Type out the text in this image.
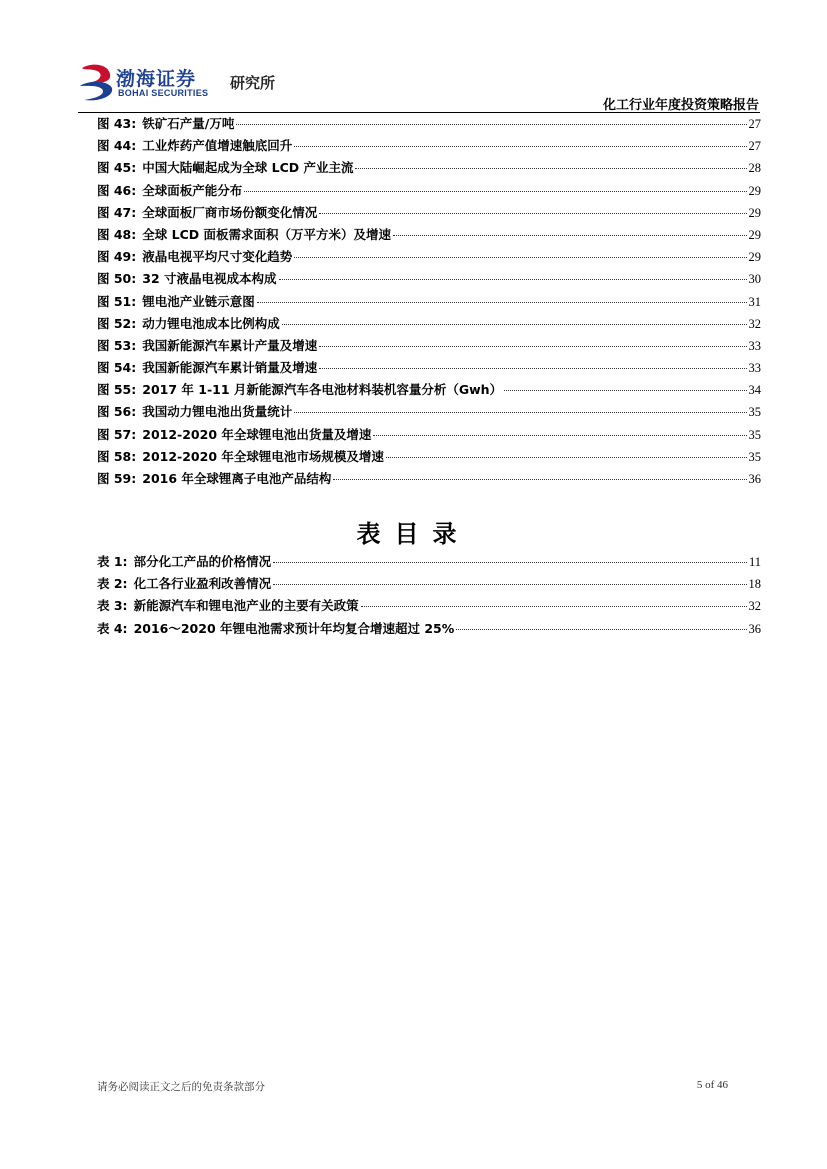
渤海证券
BOHAI SECURITIES
研究所
化工行业年度投资策略报告
图 43: 铁矿石产量/万吨	27
图 44: 工业炸药产值增速触底回升	27
图 45: 中国大陆崛起成为全球 LCD 产业主流	28
图 46: 全球面板产能分布	29
图 47: 全球面板厂商市场份额变化情况	29
图 48: 全球 LCD 面板需求面积（万平方米）及增速	29
图 49: 液晶电视平均尺寸变化趋势	29
图 50: 32 寸液晶电视成本构成	30
图 51: 锂电池产业链示意图	31
图 52: 动力锂电池成本比例构成	32
图 53: 我国新能源汽车累计产量及增速	33
图 54: 我国新能源汽车累计销量及增速	33
图 55: 2017 年 1-11 月新能源汽车各电池材料装机容量分析（Gwh）	34
图 56: 我国动力锂电池出货量统计	35
图 57: 2012-2020 年全球锂电池出货量及增速	35
图 58: 2012-2020 年全球锂电池市场规模及增速	35
图 59: 2016 年全球锂离子电池产品结构	36
表目录
表 1: 部分化工产品的价格情况	11
表 2: 化工各行业盈利改善情况	18
表 3: 新能源汽车和锂电池产业的主要有关政策	32
表 4: 2016～2020 年锂电池需求预计年均复合增速超过 25%	36
请务必阅读正文之后的免责条款部分	5 of 46
